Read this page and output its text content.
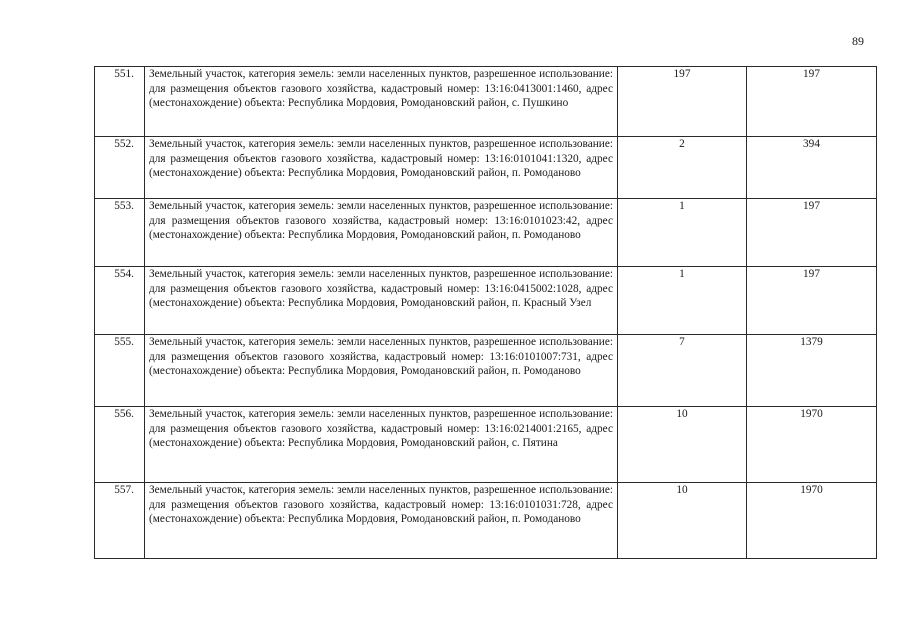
89
551.	Земельный участок, категория земель: земли населенных пунктов, разрешенное использование: для размещения объектов газового хозяйства, кадастровый номер: 13:16:0413001:1460, адрес (местонахождение) объекта: Республика Мордовия, Ромодановский район, с. Пушкино	197	197
552.	Земельный участок, категория земель: земли населенных пунктов, разрешенное использование: для размещения объектов газового хозяйства, кадастровый номер: 13:16:0101041:1320, адрес (местонахождение) объекта: Республика Мордовия, Ромодановский район, п. Ромоданово	2	394
553.	Земельный участок, категория земель: земли населенных пунктов, разрешенное использование: для размещения объектов газового хозяйства, кадастровый номер: 13:16:0101023:42, адрес (местонахождение) объекта: Республика Мордовия, Ромодановский район, п. Ромоданово	1	197
554.	Земельный участок, категория земель: земли населенных пунктов, разрешенное использование: для размещения объектов газового хозяйства, кадастровый номер: 13:16:0415002:1028, адрес (местонахождение) объекта: Республика Мордовия, Ромодановский район, п. Красный Узел	1	197
555.	Земельный участок, категория земель: земли населенных пунктов, разрешенное использование: для размещения объектов газового хозяйства, кадастровый номер: 13:16:0101007:731, адрес (местонахождение) объекта: Республика Мордовия, Ромодановский район, п. Ромоданово	7	1379
556.	Земельный участок, категория земель: земли населенных пунктов, разрешенное использование: для размещения объектов газового хозяйства, кадастровый номер: 13:16:0214001:2165, адрес (местонахождение) объекта: Республика Мордовия, Ромодановский район, с. Пятина	10	1970
557.	Земельный участок, категория земель: земли населенных пунктов, разрешенное использование: для размещения объектов газового хозяйства, кадастровый номер: 13:16:0101031:728, адрес (местонахождение) объекта: Республика Мордовия, Ромодановский район, п. Ромоданово	10	1970
